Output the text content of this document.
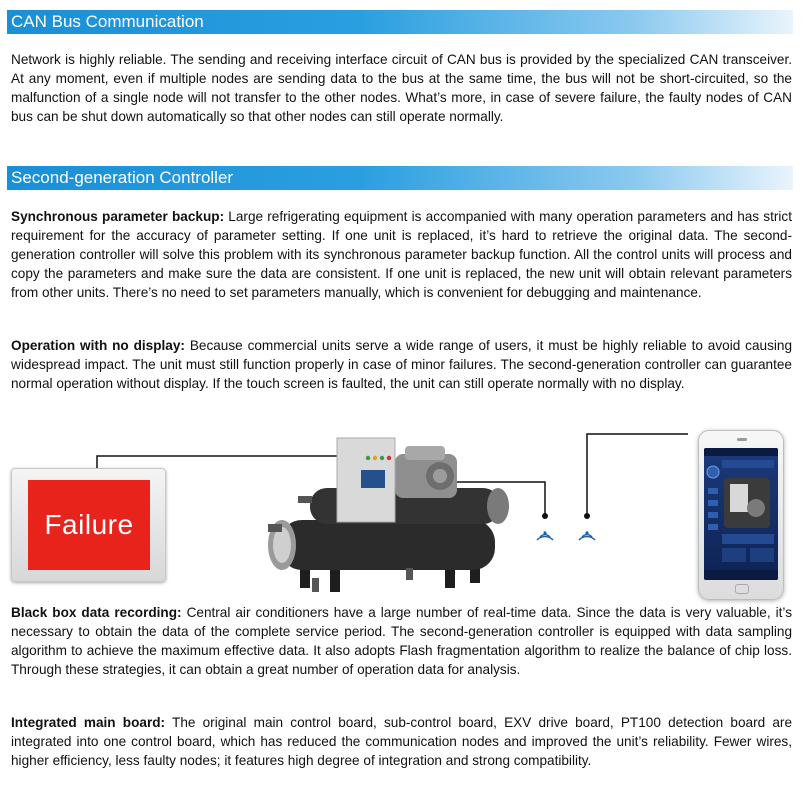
CAN Bus Communication

Network is highly reliable. The sending and receiving interface circuit of CAN bus is provided by the specialized CAN transceiver. At any moment, even if multiple nodes are sending data to the bus at the same time, the bus will not be short-circuited, so the malfunction of a single node will not transfer to the other nodes. What’s more, in case of severe failure, the faulty nodes of CAN bus can be shut down automatically so that other nodes can still operate normally.

Second-generation Controller

Synchronous parameter backup: Large refrigerating equipment is accompanied with many operation parameters and has strict requirement for the accuracy of parameter setting. If one unit is replaced, it’s hard to retrieve the original data. The second-generation controller will solve this problem with its synchronous parameter backup function. All the control units will process and copy the parameters and make sure the data are consistent. If one unit is replaced, the new unit will obtain relevant parameters from other units. There’s no need to set parameters manually, which is convenient for debugging and maintenance.

Operation with no display: Because commercial units serve a wide range of users, it must be highly reliable to avoid causing widespread impact. The unit must still function properly in case of minor failures. The second-generation controller can guarantee normal operation without display. If the touch screen is faulted, the unit can still operate normally with no display.

Failure

Black box data recording: Central air conditioners have a large number of real-time data. Since the data is very valuable, it’s necessary to obtain the data of the complete service period. The second-generation controller is equipped with data sampling algorithm to achieve the maximum effective data. It also adopts Flash fragmentation algorithm to realize the balance of chip loss. Through these strategies, it can obtain a great number of operation data for analysis.

Integrated main board: The original main control board, sub-control board, EXV drive board, PT100 detection board are integrated into one control board, which has reduced the communication nodes and improved the unit’s reliability. Fewer wires, higher efficiency, less faulty nodes; it features high degree of integration and strong compatibility.
